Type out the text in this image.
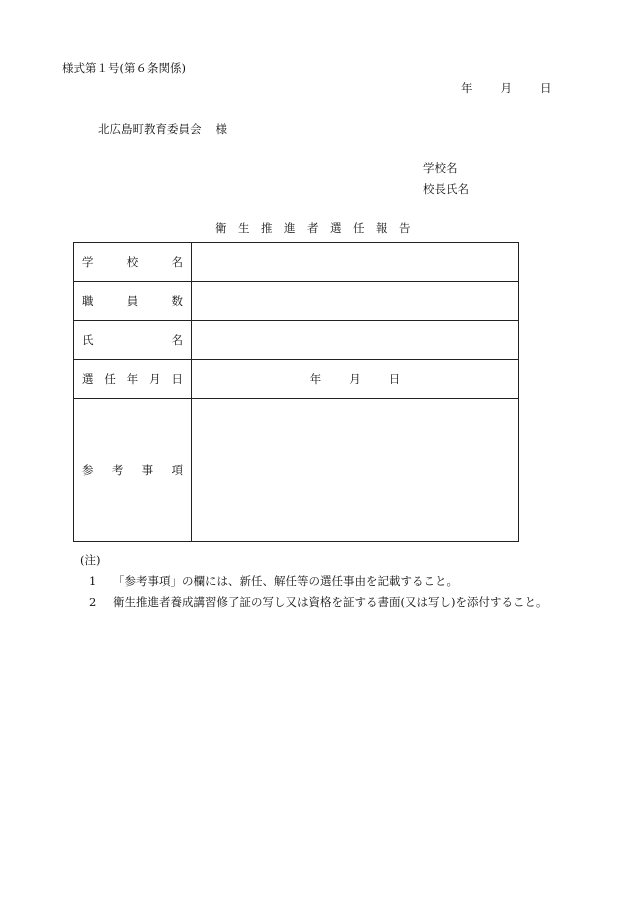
様式第１号(第６条関係)
年 月 日
北広島町教育委員会 様
学校名
校長氏名
衛生推進者選任報告
学 校 名	

職 員 数	

氏 名	

選 任 年 月 日	年 月 日

参 考 事 項	

(注)
1 「参考事項」の欄には、新任、解任等の選任事由を記載すること。
2 衛生推進者養成講習修了証の写し又は資格を証する書面(又は写し)を添付すること。
